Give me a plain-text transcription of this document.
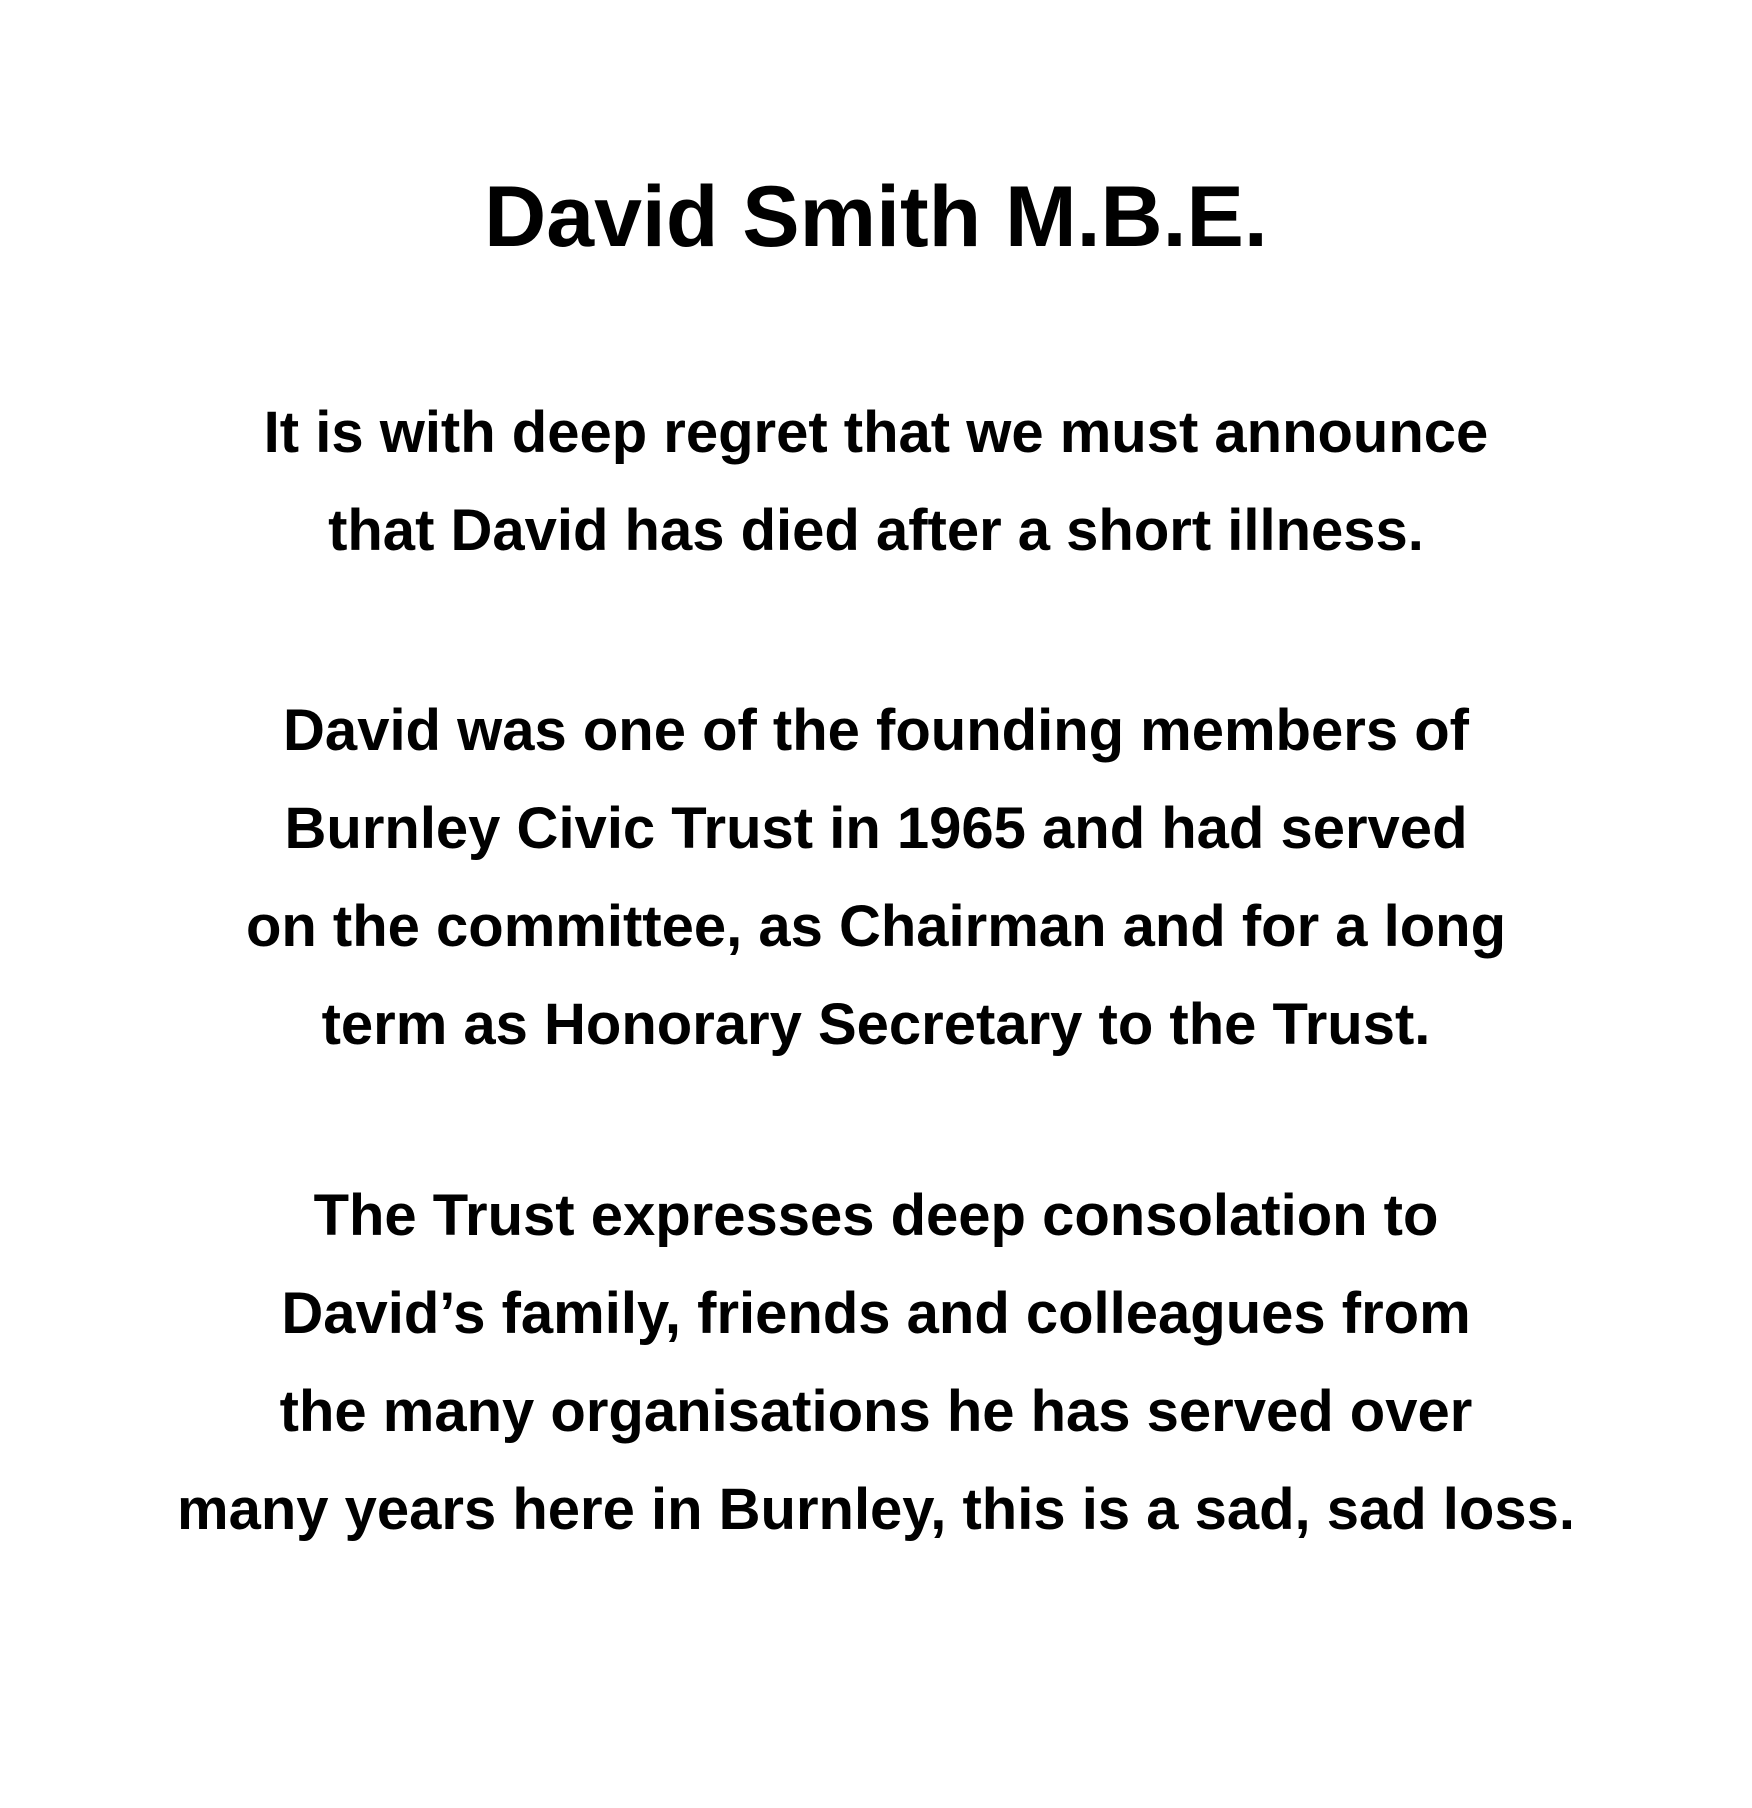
David Smith M.B.E.
It is with deep regret that we must announce
that David has died after a short illness.
David was one of the founding members of
Burnley Civic Trust in 1965 and had served
on the committee, as Chairman and for a long
term as Honorary Secretary to the Trust.
The Trust expresses deep consolation to
David’s family, friends and colleagues from
the many organisations he has served over
many years here in Burnley, this is a sad, sad loss.
